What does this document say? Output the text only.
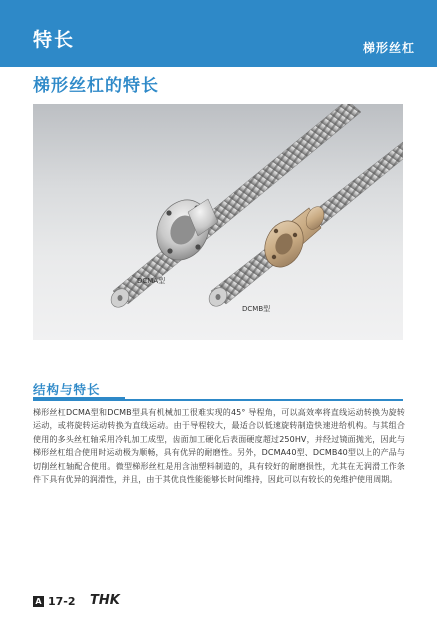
特长	梯形丝杠
梯形丝杠的特长
DCMA型
DCMB型
结构与特长
梯形丝杠DCMA型和DCMB型具有机械加工很难实现的45° 导程角，可以高效率将直线运动转换为旋转运动，或将旋转运动转换为直线运动。由于导程较大，最适合以低速旋转制造快速进给机构。与其组合使用的多头丝杠轴采用冷轧加工成型，齿面加工硬化后表面硬度超过250HV，并经过镜面抛光，因此与梯形丝杠组合使用时运动极为顺畅，具有优异的耐磨性。另外，DCMA40型、DCMB40型以上的产品与切削丝杠轴配合使用。微型梯形丝杠是用含油塑料制造的，具有较好的耐磨损性，尤其在无润滑工作条件下具有优异的润滑性，并且，由于其优良性能能够长时间维持，因此可以有较长的免维护使用周期。
A 17-2 THK
